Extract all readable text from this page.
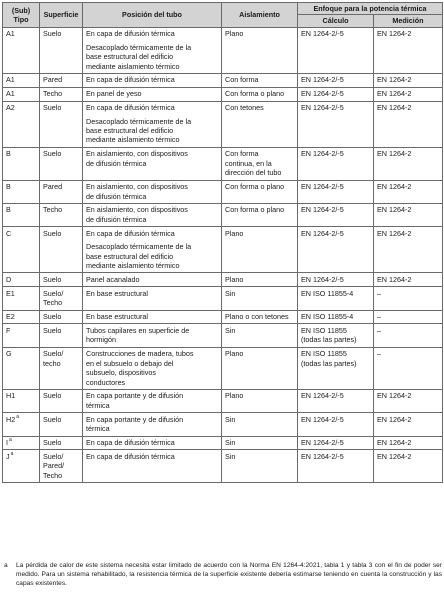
(Sub)
Tipo	Superficie	Posición del tubo	Aislamiento	Enfoque para la potencia térmica	
				Cálculo	Medición
A1	Suelo	En capa de difusión térmica
Desacoplado térmicamente de la
base estructural del edificio
mediante aislamiento térmico	Plano	EN 1264-2/-5	EN 1264-2

A1	Pared	En capa de difusión térmica	Con forma	EN 1264-2/-5	EN 1264-2

A1	Techo	En panel de yeso	Con forma o plano	EN 1264-2/-5	EN 1264-2

A2	Suelo	En capa de difusión térmica
Desacoplado térmicamente de la
base estructural del edificio
mediante aislamiento térmico	Con tetones	EN 1264-2/-5	EN 1264-2

B	Suelo	En aislamiento, con dispositivos
de difusión térmica	Con forma
continua, en la
dirección del tubo	EN 1264-2/-5	EN 1264-2

B	Pared	En aislamiento, con dispositivos
de difusión térmica	Con forma o plano	EN 1264-2/-5	EN 1264-2

B	Techo	En aislamiento, con dispositivos
de difusión térmica	Con forma o plano	EN 1264-2/-5	EN 1264-2

C	Suelo	En capa de difusión térmica
Desacoplado térmicamente de la
base estructural del edificio
mediante aislamiento térmico	Plano	EN 1264-2/-5	EN 1264-2

D	Suelo	Panel acanalado	Plano	EN 1264-2/-5	EN 1264-2

E1	Suelo/
Techo	En base estructural	Sin	EN ISO 11855-4	–

E2	Suelo	En base estructural	Plano o con tetones	EN ISO 11855-4	–

F	Suelo	Tubos capilares en superficie de
hormigón	Sin	EN ISO 11855
(todas las partes)	–

G	Suelo/
techo	Construcciones de madera, tubos
en el subsuelo o debajo del
subsuelo, dispositivos
conductores	Plano	EN ISO 11855
(todas las partes)	–

H1	Suelo	En capa portante y de difusión
térmica	Plano	EN 1264-2/-5	EN 1264-2

H2$^a$	Suelo	En capa portante y de difusión
térmica	Sin	EN 1264-2/-5	EN 1264-2

$I^a$	Suelo	En capa de difusión térmica	Sin	EN 1264-2/-5	EN 1264-2

$J^a$	Suelo/
Pared/
Techo	En capa de difusión térmica	Sin	EN 1264-2/-5	EN 1264-2
a La pérdida de calor de este sistema necesita estar limitado de acuerdo con la Norma EN 1264-4:2021, tabla 1 y tabla 3 con el fin de poder ser medido. Para un sistema rehabilitado, la resistencia térmica de la superficie existente debería estimarse teniendo en cuenta la construcción y las capas existentes.
